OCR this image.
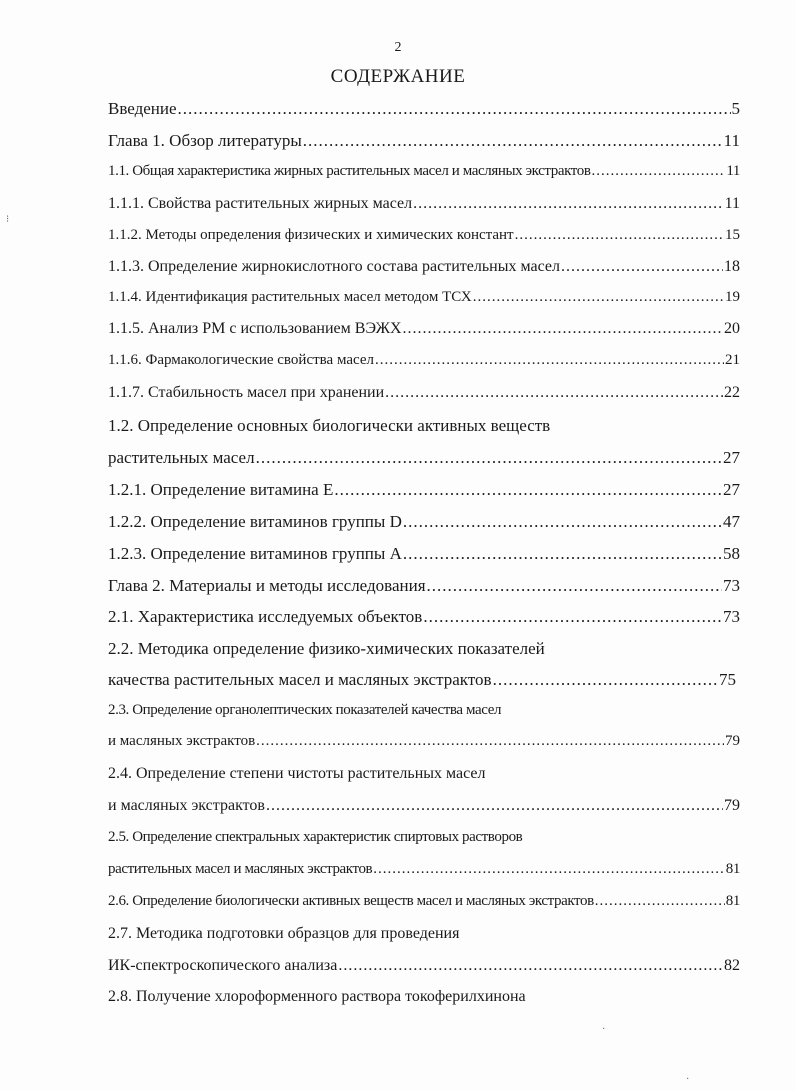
2
СОДЕРЖАНИЕ
Введение .....	5
Глава 1. Обзор литературы .....	11
1.1. Общая характеристика жирных растительных масел и масляных экстрактов .....	11
1.1.1. Свойства растительных жирных масел .....	11
1.1.2. Методы определения физических и химических констант .....	15
1.1.3. Определение жирнокислотного состава растительных масел .....	18
1.1.4. Идентификация растительных масел методом ТСХ .....	19
1.1.5. Анализ РМ с использованием ВЭЖХ .....	20
1.1.6. Фармакологические свойства масел .....	21
1.1.7. Стабильность масел при хранении .....	22
1.2. Определение основных биологически активных веществ
растительных масел .....	27
1.2.1. Определение витамина Е .....	27
1.2.2. Определение витаминов группы D .....	47
1.2.3. Определение витаминов группы А .....	58
Глава 2. Материалы и методы исследования .....	73
2.1. Характеристика исследуемых объектов .....	73
2.2. Методика определение физико-химических показателей
качества растительных масел и масляных экстрактов .....	75
2.3. Определение органолептических показателей качества масел
и масляных экстрактов .....	79
2.4. Определение степени чистоты растительных масел
и масляных экстрактов .....	79
2.5. Определение спектральных характеристик спиртовых растворов
растительных масел и масляных экстрактов .....	81
2.6. Определение биологически активных веществ масел и масляных экстрактов .....	81
2.7. Методика подготовки образцов для проведения
ИК-спектроскопического анализа .....	82
2.8. Получение хлороформенного раствора токоферилхинона
⁝
·
·
